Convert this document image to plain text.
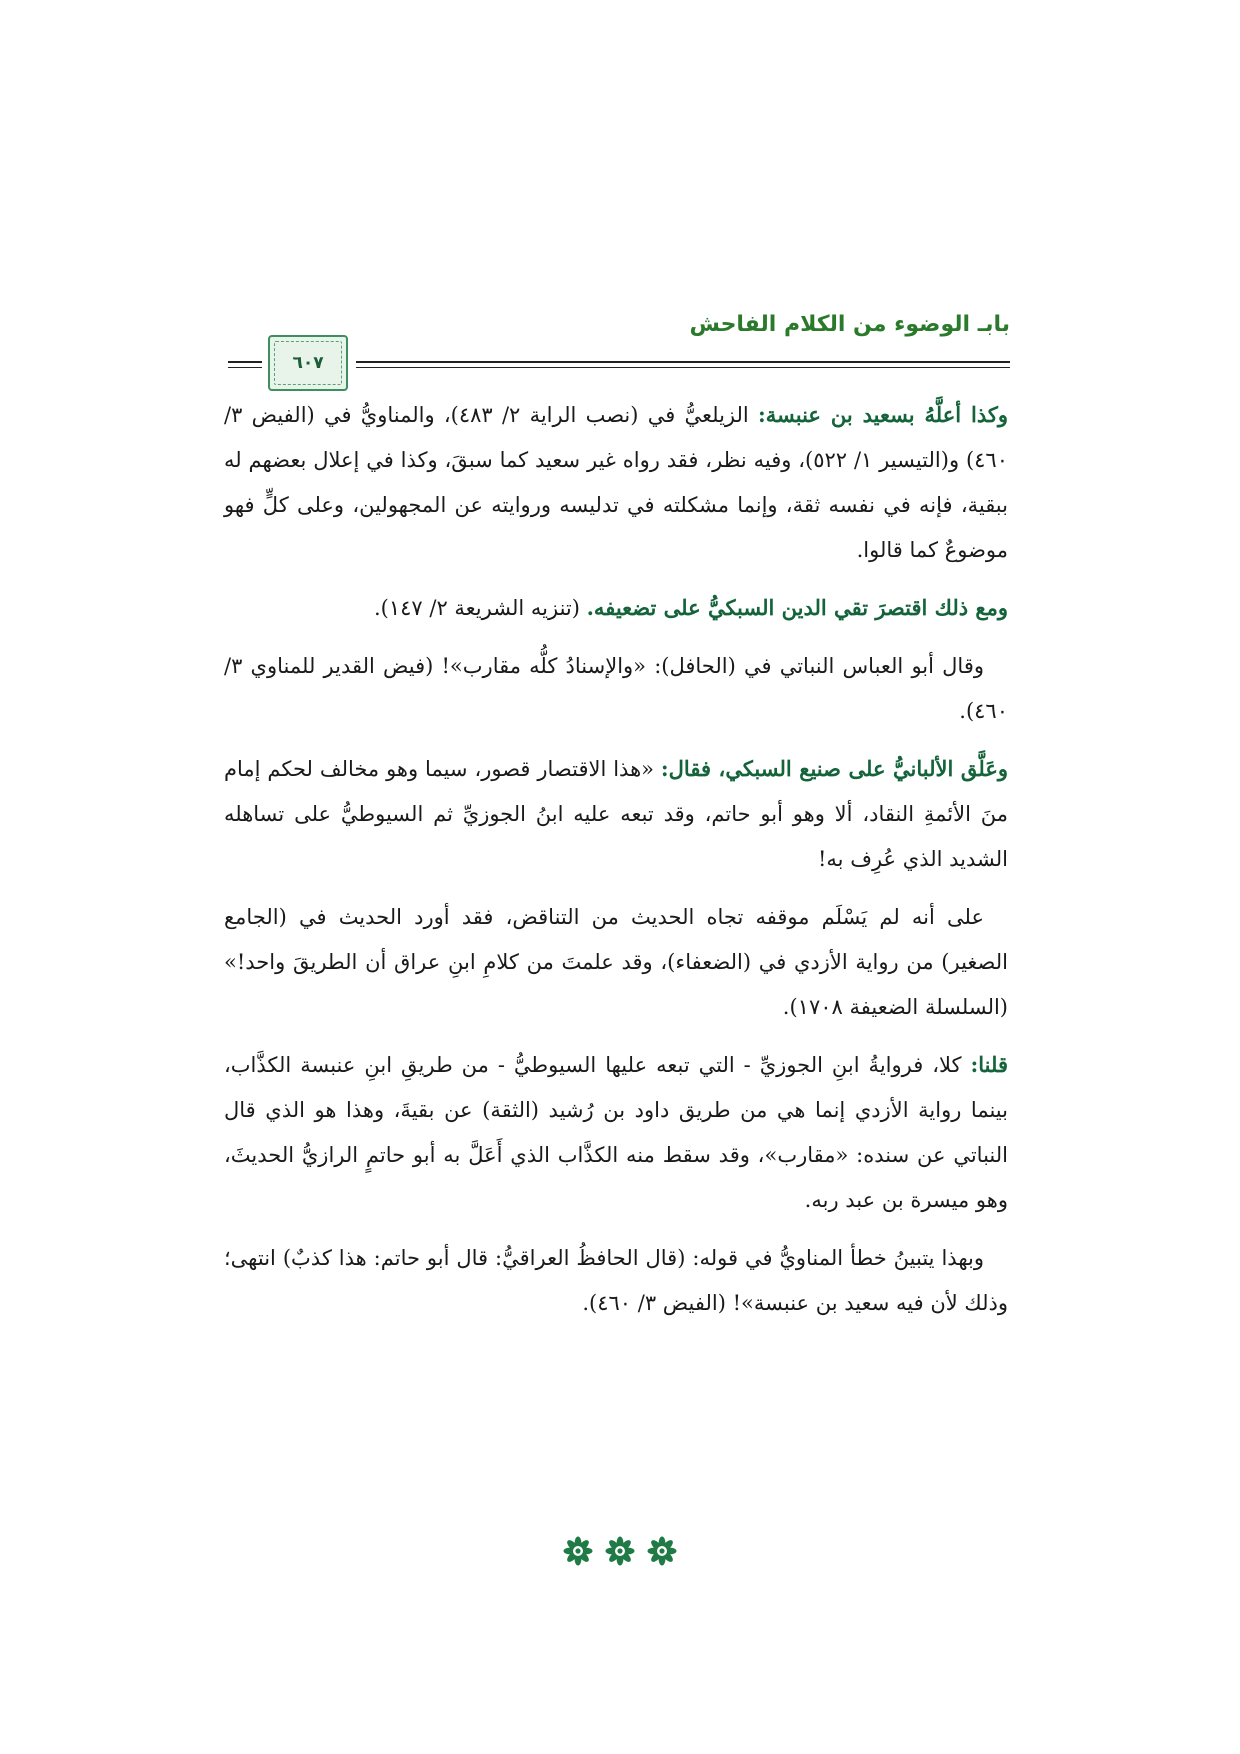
بابـ الوضوء من الكلام الفاحش
٦٠٧

وكذا أعلَّهُ بسعيد بن عنبسة: الزيلعيُّ في (نصب الراية ٢/ ٤٨٣)، والمناويُّ في (الفيض ٣/ ٤٦٠) و(التيسير ١/ ٥٢٢)، وفيه نظر، فقد رواه غير سعيد كما سبقَ، وكذا في إعلال بعضهم له ببقية، فإنه في نفسه ثقة، وإنما مشكلته في تدليسه وروايته عن المجهولين، وعلى كلٍّ فهو موضوعٌ كما قالوا.

ومع ذلك اقتصرَ تقي الدين السبكيُّ على تضعيفه. (تنزيه الشريعة ٢/ ١٤٧).

وقال أبو العباس النباتي في (الحافل): «والإسنادُ كلُّه مقارب»! (فيض القدير للمناوي ٣/ ٤٦٠).

وعَلَّق الألبانيُّ على صنيع السبكي، فقال: «هذا الاقتصار قصور، سيما وهو مخالف لحكم إمام منَ الأئمةِ النقاد، ألا وهو أبو حاتم، وقد تبعه عليه ابنُ الجوزيِّ ثم السيوطيُّ على تساهله الشديد الذي عُرِف به!

على أنه لم يَسْلَم موقفه تجاه الحديث من التناقض، فقد أورد الحديث في (الجامع الصغير) من رواية الأزدي في (الضعفاء)، وقد علمتَ من كلامِ ابنِ عراق أن الطريقَ واحد!» (السلسلة الضعيفة ١٧٠٨).

قلنا: كلا، فروايةُ ابنِ الجوزيِّ - التي تبعه عليها السيوطيُّ - من طريقِ ابنِ عنبسة الكذَّاب، بينما رواية الأزدي إنما هي من طريق داود بن رُشيد (الثقة) عن بقيةَ، وهذا هو الذي قال النباتي عن سنده: «مقارب»، وقد سقط منه الكذَّاب الذي أَعَلَّ به أبو حاتمٍ الرازيُّ الحديثَ، وهو ميسرة بن عبد ربه.

وبهذا يتبينُ خطأ المناويُّ في قوله: (قال الحافظُ العراقيُّ: قال أبو حاتم: هذا كذبٌ) انتهى؛ وذلك لأن فيه سعيد بن عنبسة»! (الفيض ٣/ ٤٦٠).
